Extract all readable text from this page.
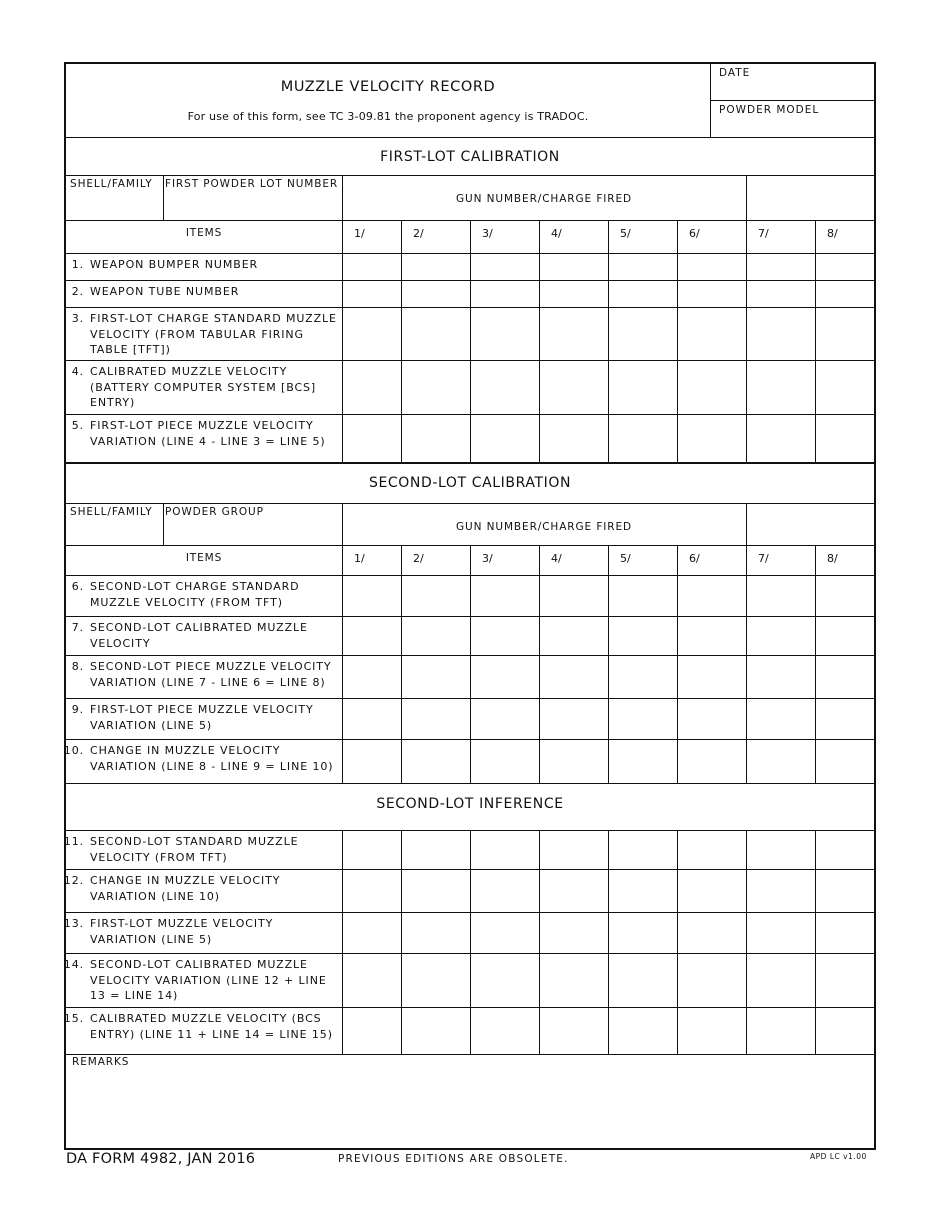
MUZZLE VELOCITY RECORD
For use of this form, see TC 3-09.81 the proponent agency is TRADOC.
DATE
POWDER MODEL
FIRST-LOT CALIBRATION
SHELL/FAMILY FIRST POWDER LOT NUMBER
GUN NUMBER/CHARGE FIRED
ITEMS	1/	2/	3/	4/	5/	6/	7/	8/
1. WEAPON BUMPER NUMBER
2. WEAPON TUBE NUMBER
3. FIRST-LOT CHARGE STANDARD MUZZLE
VELOCITY (FROM TABULAR FIRING
TABLE [TFT])
4. CALIBRATED MUZZLE VELOCITY
(BATTERY COMPUTER SYSTEM [BCS]
ENTRY)
5. FIRST-LOT PIECE MUZZLE VELOCITY
VARIATION (LINE 4 - LINE 3 = LINE 5)
SECOND-LOT CALIBRATION
SHELL/FAMILY POWDER GROUP
GUN NUMBER/CHARGE FIRED
ITEMS	1/	2/	3/	4/	5/	6/	7/	8/
6. SECOND-LOT CHARGE STANDARD
MUZZLE VELOCITY (FROM TFT)
7. SECOND-LOT CALIBRATED MUZZLE
VELOCITY
8. SECOND-LOT PIECE MUZZLE VELOCITY
VARIATION (LINE 7 - LINE 6 = LINE 8)
9. FIRST-LOT PIECE MUZZLE VELOCITY
VARIATION (LINE 5)
10. CHANGE IN MUZZLE VELOCITY
VARIATION (LINE 8 - LINE 9 = LINE 10)
SECOND-LOT INFERENCE
11. SECOND-LOT STANDARD MUZZLE
VELOCITY (FROM TFT)
12. CHANGE IN MUZZLE VELOCITY
VARIATION (LINE 10)
13. FIRST-LOT MUZZLE VELOCITY
VARIATION (LINE 5)
14. SECOND-LOT CALIBRATED MUZZLE
VELOCITY VARIATION (LINE 12 + LINE
13 = LINE 14)
15. CALIBRATED MUZZLE VELOCITY (BCS
ENTRY) (LINE 11 + LINE 14 = LINE 15)
REMARKS
DA FORM 4982, JAN 2016	PREVIOUS EDITIONS ARE OBSOLETE.	APD LC v1.00
